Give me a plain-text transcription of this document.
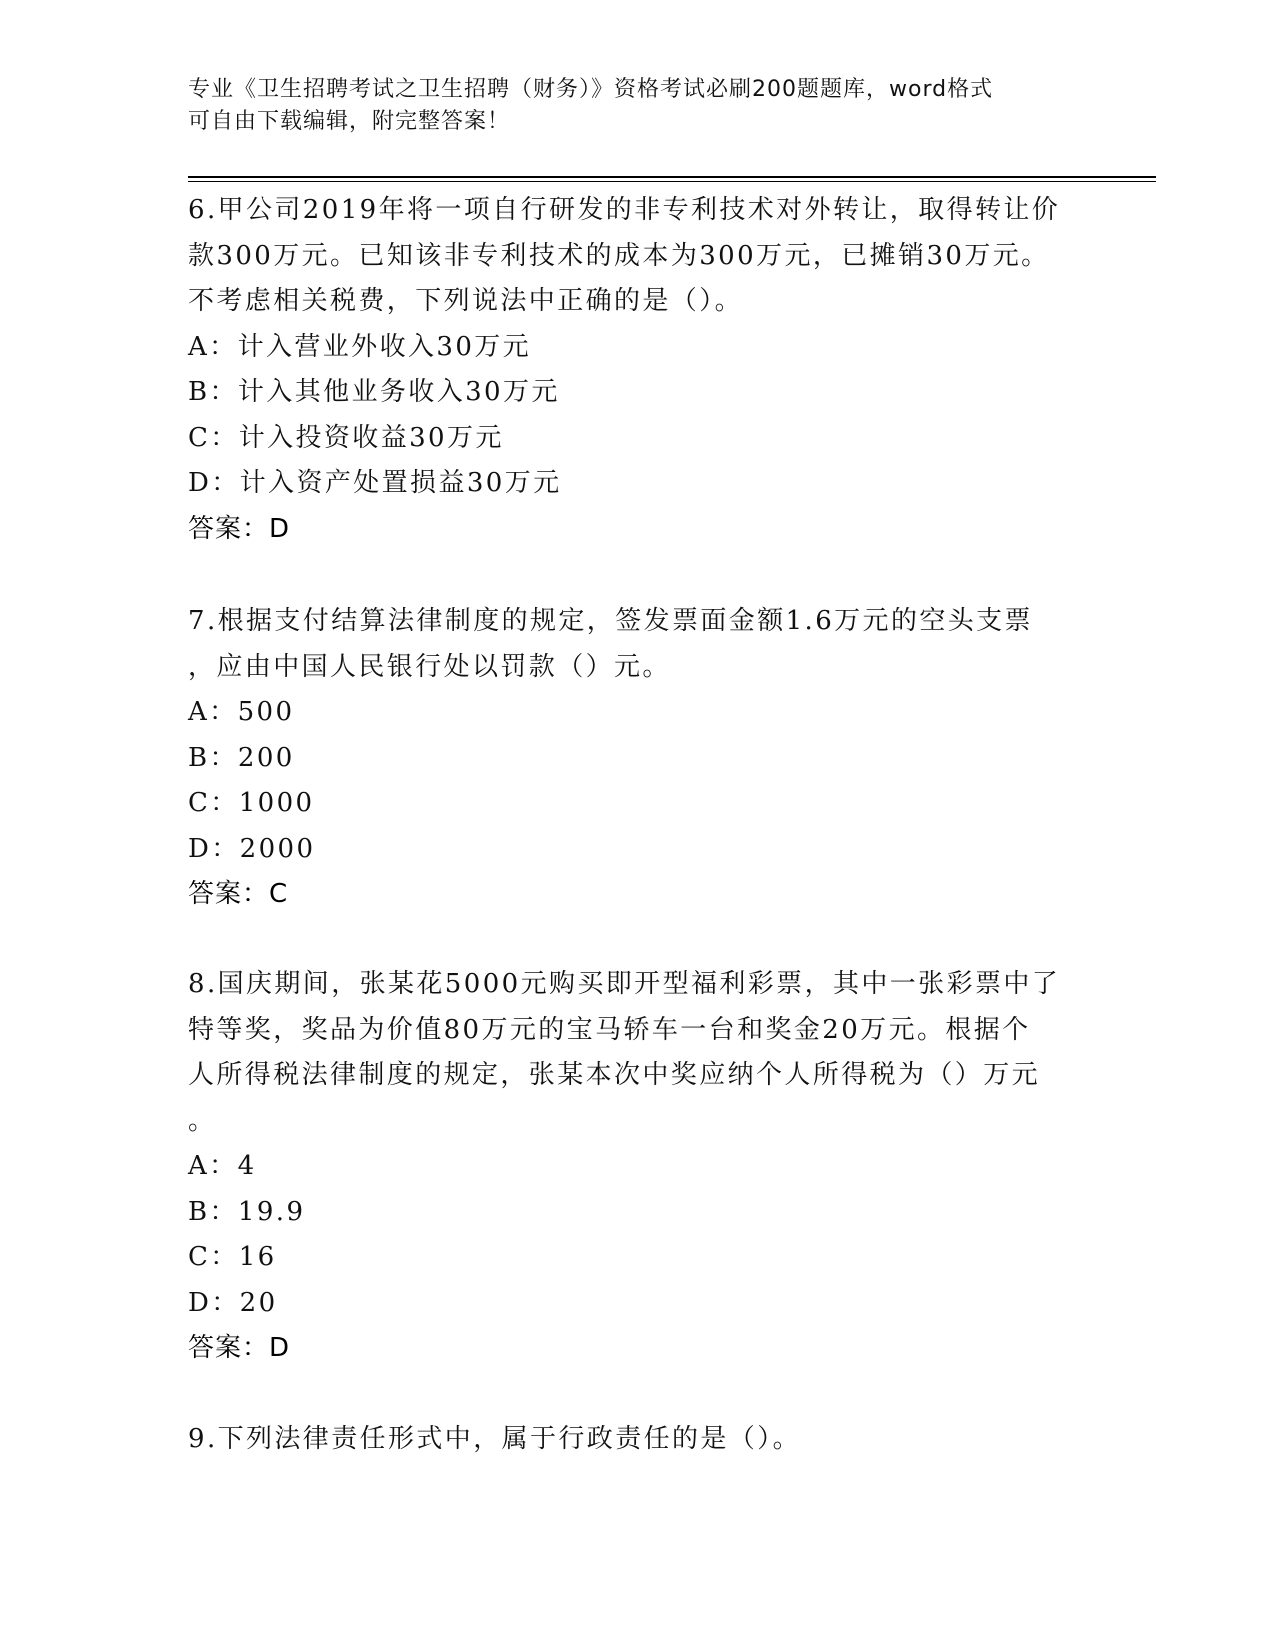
专业《卫生招聘考试之卫生招聘（财务）》资格考试必刷200题题库，word格式
可自由下载编辑，附完整答案！
6.甲公司2019年将一项自行研发的非专利技术对外转让，取得转让价
款300万元。已知该非专利技术的成本为300万元，已摊销30万元。
不考虑相关税费，下列说法中正确的是（）。
A：计入营业外收入30万元
B：计入其他业务收入30万元
C：计入投资收益30万元
D：计入资产处置损益30万元
答案：D
7.根据支付结算法律制度的规定，签发票面金额1.6万元的空头支票
，应由中国人民银行处以罚款（）元。
A：500
B：200
C：1000
D：2000
答案：C
8.国庆期间，张某花5000元购买即开型福利彩票，其中一张彩票中了
特等奖，奖品为价值80万元的宝马轿车一台和奖金20万元。根据个
人所得税法律制度的规定，张某本次中奖应纳个人所得税为（）万元
。
A：4
B：19.9
C：16
D：20
答案：D
9.下列法律责任形式中，属于行政责任的是（）。
